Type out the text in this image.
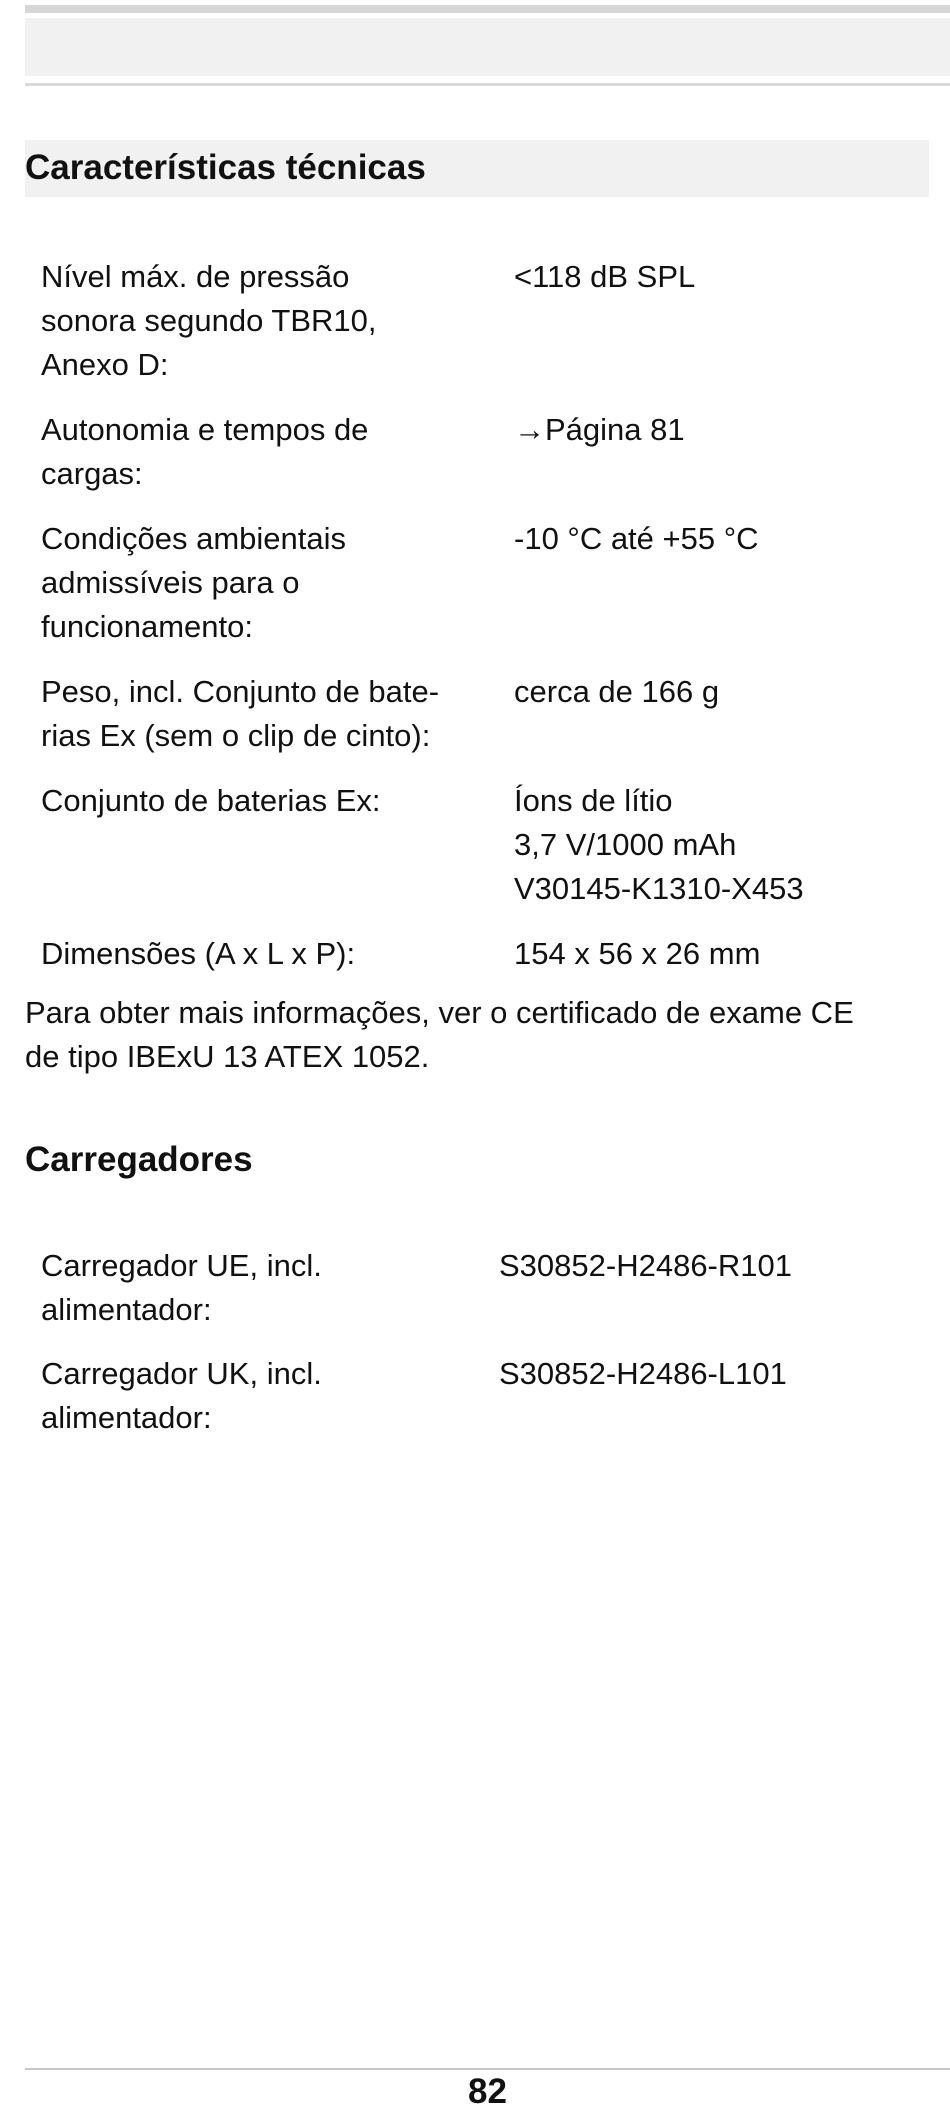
Características técnicas
Nível máx. de pressão
sonora segundo TBR10,
Anexo D:
<118 dB SPL
Autonomia e tempos de
cargas:
→Página 81
Condições ambientais
admissíveis para o
funcionamento:
-10 °C até +55 °C
Peso, incl. Conjunto de bate-
rias Ex (sem o clip de cinto):
cerca de 166 g
Conjunto de baterias Ex:	Íons de lítio
3,7 V/1000 mAh
V30145-K1310-X453
Dimensões (A x L x P):	154 x 56 x 26 mm
Para obter mais informações, ver o certificado de exame CE
de tipo IBExU 13 ATEX 1052.
Carregadores
Carregador UE, incl.
alimentador:
S30852-H2486-R101
Carregador UK, incl.
alimentador:
S30852-H2486-L101
82
